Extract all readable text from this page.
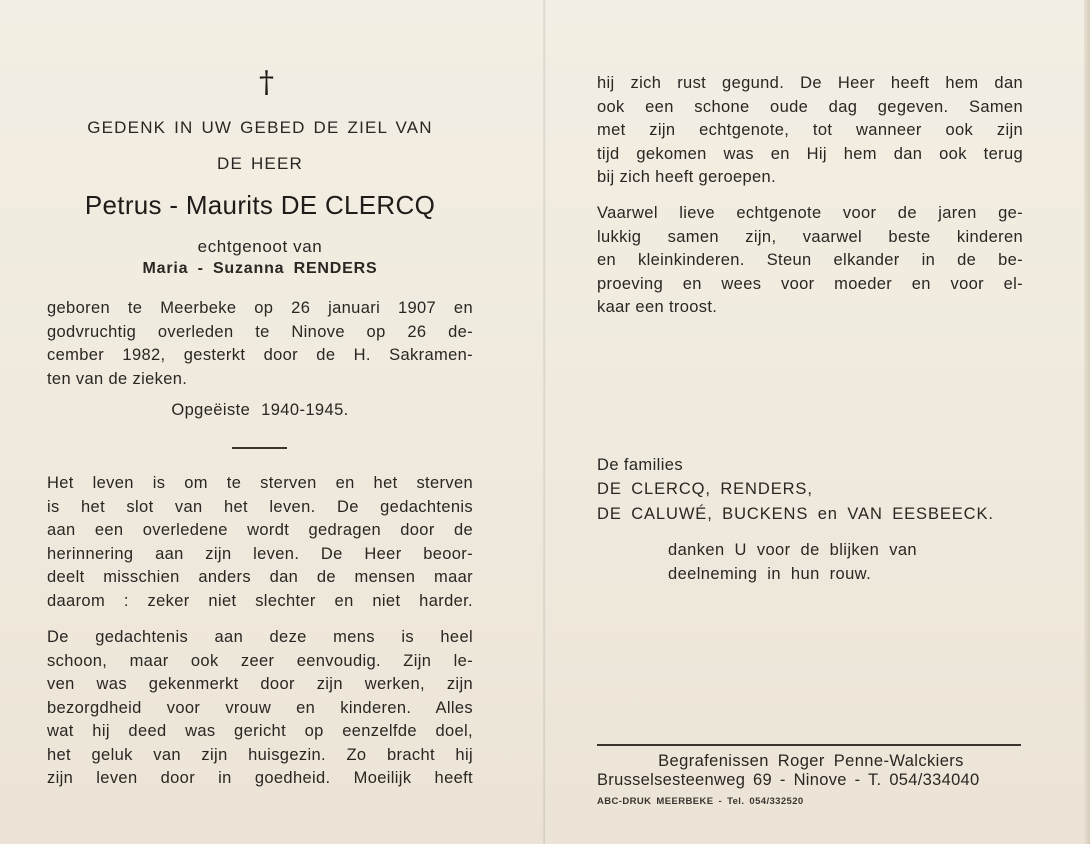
†
GEDENK IN UW GEBED DE ZIEL VAN
DE HEER
Petrus - Maurits DE CLERCQ
echtgenoot van
Maria - Suzanna RENDERS
geboren te Meerbeke op 26 januari 1907 en
godvruchtig overleden te Ninove op 26 de-
cember 1982, gesterkt door de H. Sakramen-
ten van de zieken.
Opgeëiste 1940-1945.
Het leven is om te sterven en het sterven
is het slot van het leven. De gedachtenis
aan een overledene wordt gedragen door de
herinnering aan zijn leven. De Heer beoor-
deelt misschien anders dan de mensen maar
daarom : zeker niet slechter en niet harder.
De gedachtenis aan deze mens is heel
schoon, maar ook zeer eenvoudig. Zijn le-
ven was gekenmerkt door zijn werken, zijn
bezorgdheid voor vrouw en kinderen. Alles
wat hij deed was gericht op eenzelfde doel,
het geluk van zijn huisgezin. Zo bracht hij
zijn leven door in goedheid. Moeilijk heeft
hij zich rust gegund. De Heer heeft hem dan
ook een schone oude dag gegeven. Samen
met zijn echtgenote, tot wanneer ook zijn
tijd gekomen was en Hij hem dan ook terug
bij zich heeft geroepen.
Vaarwel lieve echtgenote voor de jaren ge-
lukkig samen zijn, vaarwel beste kinderen
en kleinkinderen. Steun elkander in de be-
proeving en wees voor moeder en voor el-
kaar een troost.
De families
DE CLERCQ, RENDERS,
DE CALUWÉ, BUCKENS en VAN EESBEECK.
danken U voor de blijken van
deelneming in hun rouw.
Begrafenissen Roger Penne-Walckiers
Brusselsesteenweg 69 - Ninove - T. 054/334040
ABC-DRUK MEERBEKE - Tel. 054/332520
